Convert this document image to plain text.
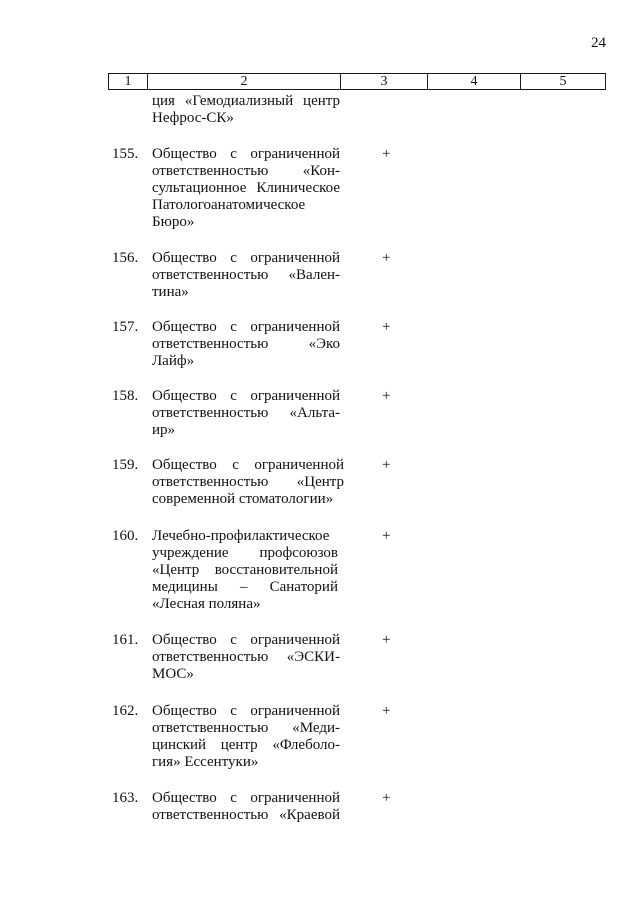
24
1	2	3	4	5
ция «Гемодиализный центр
Нефрос-СК»
155. Общество с ограниченной
ответственностью «Кон-
сультационное Клиническое
Патологоанатомическое
Бюро»
+
156. Общество с ограниченной
ответственностью «Вален-
тина»
+
157. Общество с ограниченной
ответственностью «Эко
Лайф»
+
158. Общество с ограниченной
ответственностью «Альта-
ир»
+
159. Общество с ограниченной
ответственностью «Центр
современной стоматологии»
+
160. Лечебно-профилактическое
учреждение профсоюзов
«Центр восстановительной
медицины – Санаторий
«Лесная поляна»
+
161. Общество с ограниченной
ответственностью «ЭСКИ-
МОС»
+
162. Общество с ограниченной
ответственностью «Меди-
цинский центр «Флеболо-
гия» Ессентуки»
+
163. Общество с ограниченной
ответственностью «Краевой
+
